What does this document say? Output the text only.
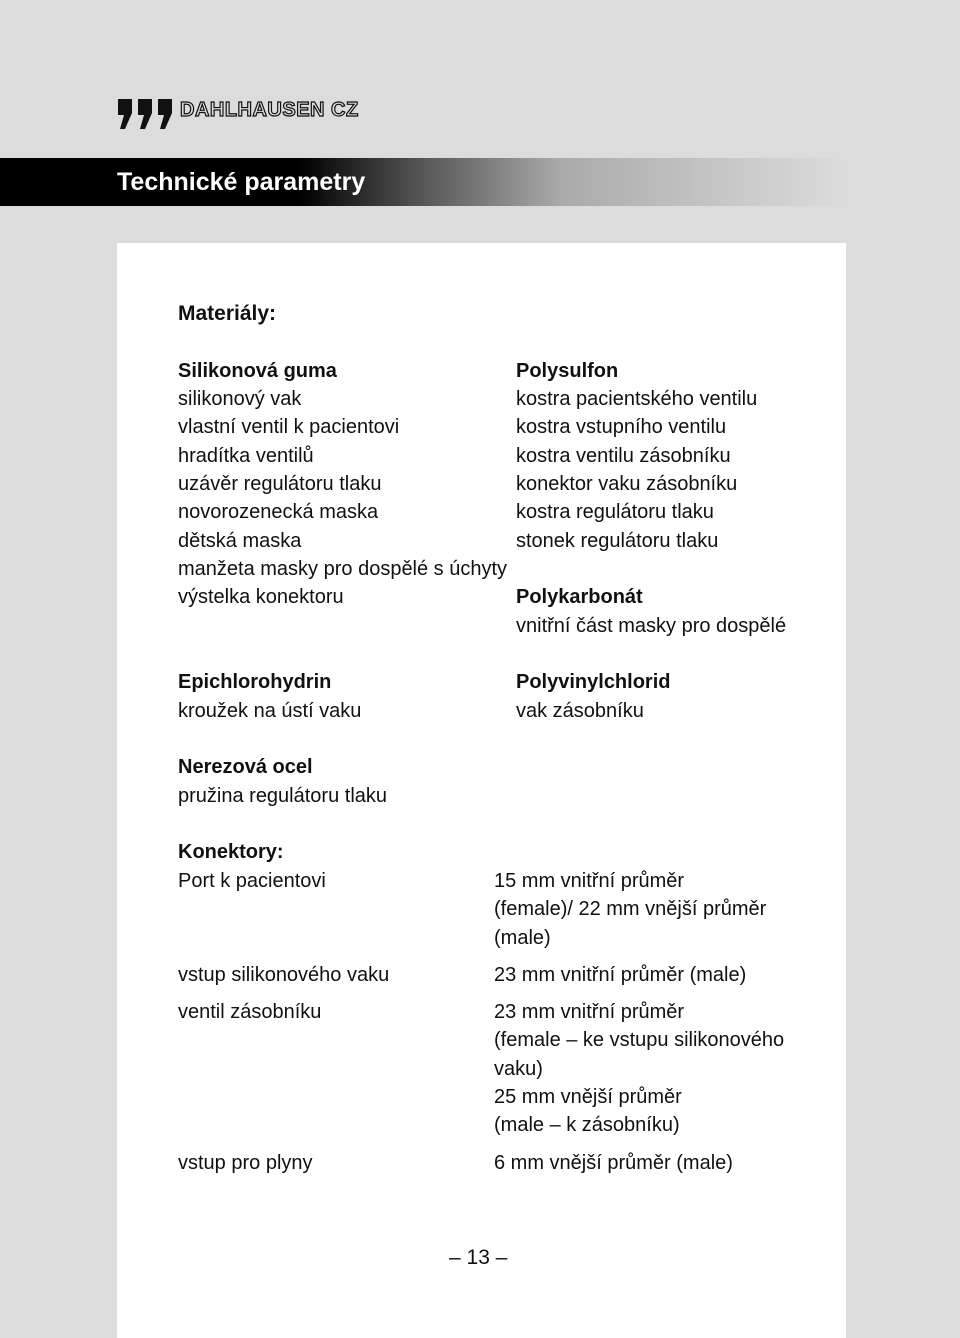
DAHLHAUSEN CZ
Technické parametry
Materiály:
Silikonová guma
silikonový vak
vlastní ventil k pacientovi
hradítka ventilů
uzávěr regulátoru tlaku
novorozenecká maska
dětská maska
manžeta masky pro dospělé s úchyty
výstelka konektoru
Polysulfon
kostra pacientského ventilu
kostra vstupního ventilu
kostra ventilu zásobníku
konektor vaku zásobníku
kostra regulátoru tlaku
stonek regulátoru tlaku
Polykarbonát
vnitřní část masky pro dospělé
Epichlorohydrin
kroužek na ústí vaku
Polyvinylchlorid
vak zásobníku
Nerezová ocel
pružina regulátoru tlaku
Konektory:
Port k pacientovi	15 mm vnitřní průměr
(female)/ 22 mm vnější průměr
(male)
vstup silikonového vaku	23 mm vnitřní průměr (male)
ventil zásobníku	23 mm vnitřní průměr
(female – ke vstupu silikonového
vaku)
25 mm vnější průměr
(male – k zásobníku)
vstup pro plyny	6 mm vnější průměr (male)
– 13 –
